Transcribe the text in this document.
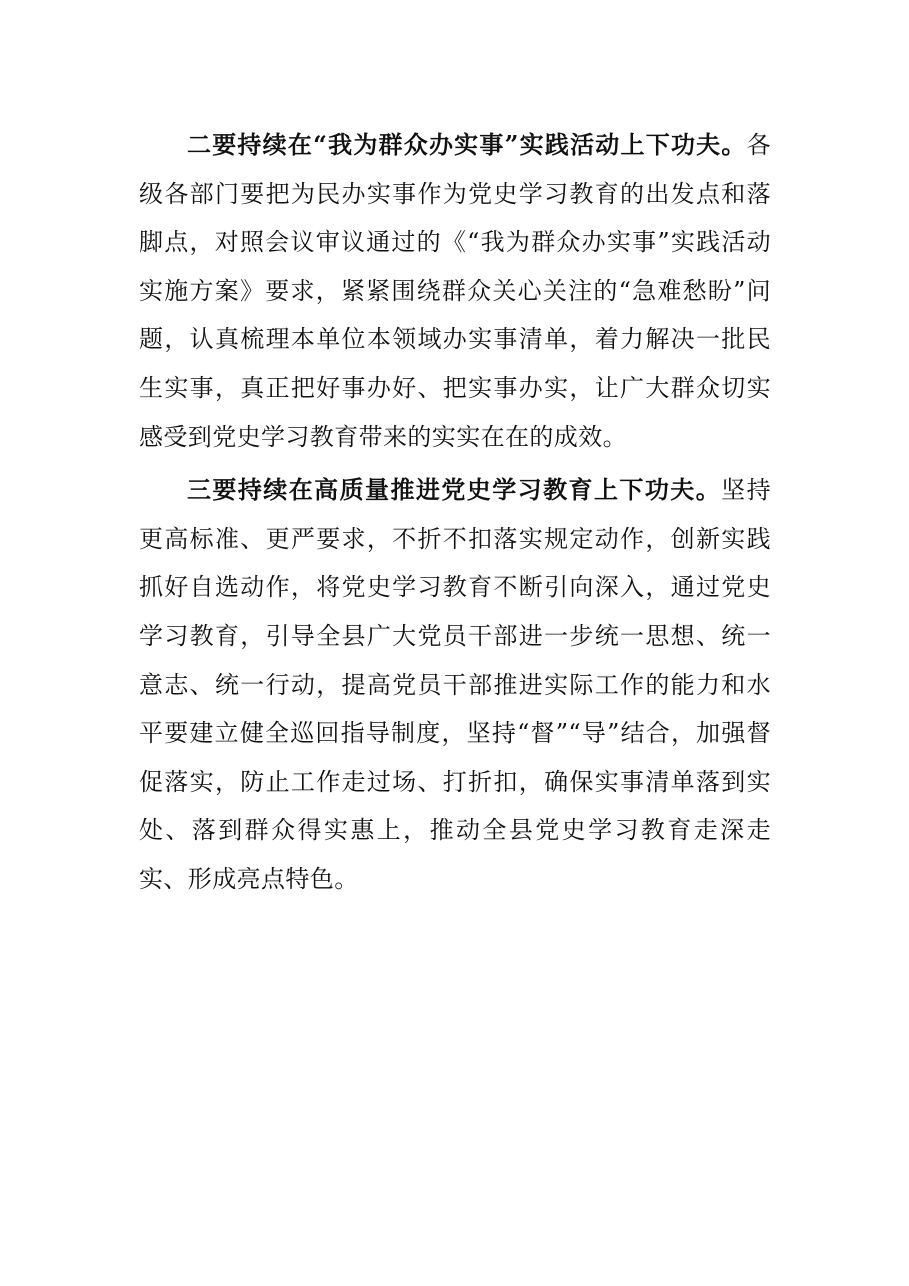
二要持续在“我为群众办实事”实践活动上下功夫。各级各部门要把为民办实事作为党史学习教育的出发点和落脚点，对照会议审议通过的《“我为群众办实事”实践活动实施方案》要求，紧紧围绕群众关心关注的“急难愁盼”问题，认真梳理本单位本领域办实事清单，着力解决一批民生实事，真正把好事办好、把实事办实，让广大群众切实感受到党史学习教育带来的实实在在的成效。

三要持续在高质量推进党史学习教育上下功夫。坚持更高标准、更严要求，不折不扣落实规定动作，创新实践抓好自选动作，将党史学习教育不断引向深入，通过党史学习教育，引导全县广大党员干部进一步统一思想、统一意志、统一行动，提高党员干部推进实际工作的能力和水平要建立健全巡回指导制度，坚持“督”“导”结合，加强督促落实，防止工作走过场、打折扣，确保实事清单落到实处、落到群众得实惠上，推动全县党史学习教育走深走实、形成亮点特色。
